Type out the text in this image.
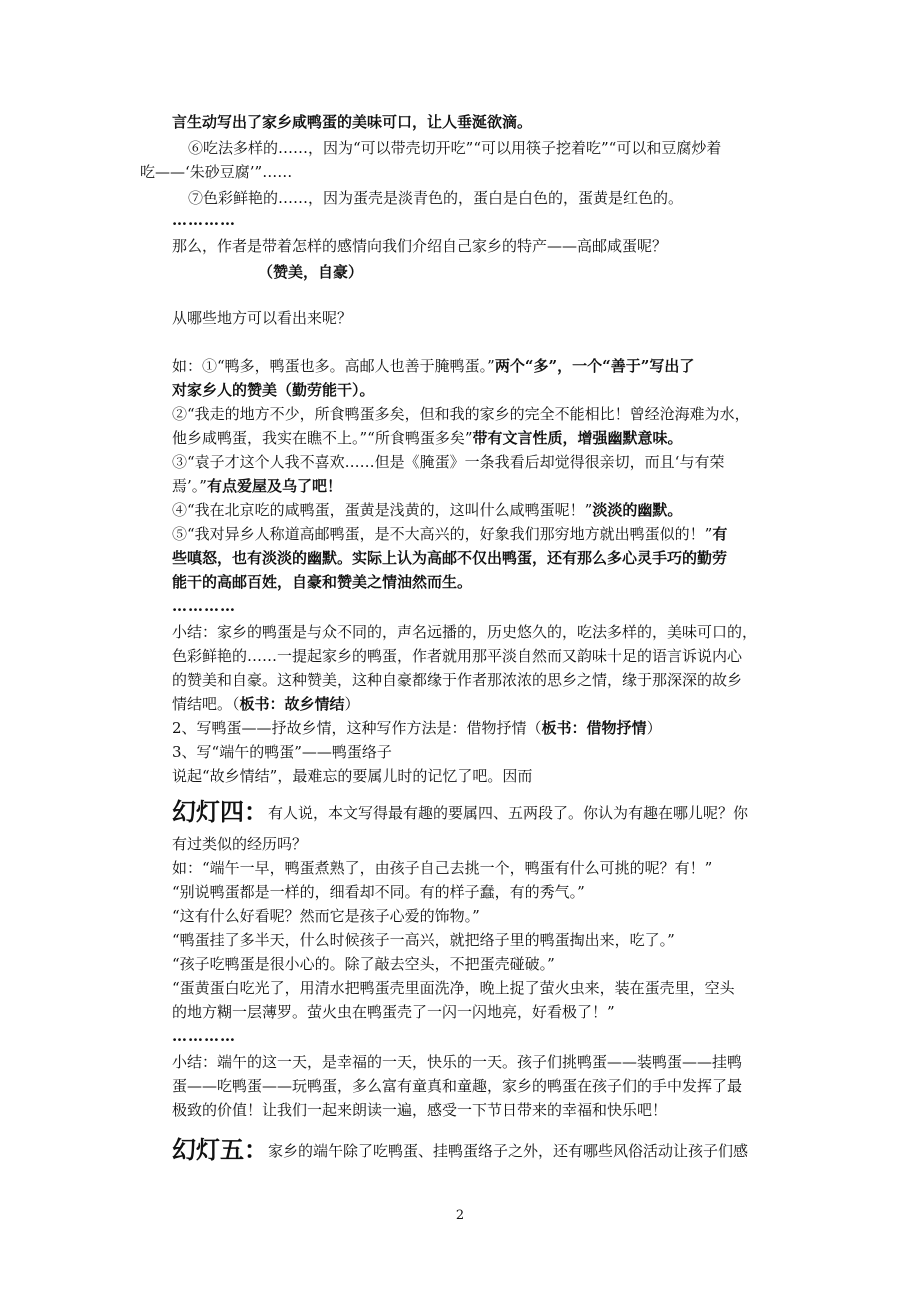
言生动写出了家乡咸鸭蛋的美味可口，让人垂涎欲滴。
⑥吃法多样的……，因为“可以带壳切开吃”“可以用筷子挖着吃”“可以和豆腐炒着
吃——‘朱砂豆腐’”……
⑦色彩鲜艳的……，因为蛋壳是淡青色的，蛋白是白色的，蛋黄是红色的。
…………
那么，作者是带着怎样的感情向我们介绍自己家乡的特产——高邮咸蛋呢？
（赞美，自豪）
从哪些地方可以看出来呢？
如：①“鸭多，鸭蛋也多。高邮人也善于腌鸭蛋。”两个“多”，一个“善于”写出了
对家乡人的赞美（勤劳能干）。
②“我走的地方不少，所食鸭蛋多矣，但和我的家乡的完全不能相比！曾经沧海难为水，
他乡咸鸭蛋，我实在瞧不上。”“所食鸭蛋多矣”带有文言性质，增强幽默意味。
③“袁子才这个人我不喜欢……但是《腌蛋》一条我看后却觉得很亲切，而且‘与有荣
焉’。”有点爱屋及乌了吧！
④“我在北京吃的咸鸭蛋，蛋黄是浅黄的，这叫什么咸鸭蛋呢！”淡淡的幽默。
⑤“我对异乡人称道高邮鸭蛋，是不大高兴的，好象我们那穷地方就出鸭蛋似的！”有
些嗔怒，也有淡淡的幽默。实际上认为高邮不仅出鸭蛋，还有那么多心灵手巧的勤劳
能干的高邮百姓，自豪和赞美之情油然而生。
…………
小结：家乡的鸭蛋是与众不同的，声名远播的，历史悠久的，吃法多样的，美味可口的，
色彩鲜艳的……一提起家乡的鸭蛋，作者就用那平淡自然而又韵味十足的语言诉说内心
的赞美和自豪。这种赞美，这种自豪都缘于作者那浓浓的思乡之情，缘于那深深的故乡
情结吧。（板书：故乡情结）
2、写鸭蛋——抒故乡情，这种写作方法是：借物抒情（板书：借物抒情）
3、写“端午的鸭蛋”——鸭蛋络子
说起“故乡情结”，最难忘的要属儿时的记忆了吧。因而
幻灯四：有人说，本文写得最有趣的要属四、五两段了。你认为有趣在哪儿呢？你
有过类似的经历吗？
如：“端午一早，鸭蛋煮熟了，由孩子自己去挑一个，鸭蛋有什么可挑的呢？有！”
“别说鸭蛋都是一样的，细看却不同。有的样子蠢，有的秀气。”
“这有什么好看呢？然而它是孩子心爱的饰物。”
“鸭蛋挂了多半天，什么时候孩子一高兴，就把络子里的鸭蛋掏出来，吃了。”
“孩子吃鸭蛋是很小心的。除了敲去空头，不把蛋壳碰破。”
“蛋黄蛋白吃光了，用清水把鸭蛋壳里面洗净，晚上捉了萤火虫来，装在蛋壳里，空头
的地方糊一层薄罗。萤火虫在鸭蛋壳了一闪一闪地亮，好看极了！”
…………
小结：端午的这一天，是幸福的一天，快乐的一天。孩子们挑鸭蛋——装鸭蛋——挂鸭
蛋——吃鸭蛋——玩鸭蛋，多么富有童真和童趣，家乡的鸭蛋在孩子们的手中发挥了最
极致的价值！让我们一起来朗读一遍，感受一下节日带来的幸福和快乐吧！
幻灯五：家乡的端午除了吃鸭蛋、挂鸭蛋络子之外，还有哪些风俗活动让孩子们感
2
